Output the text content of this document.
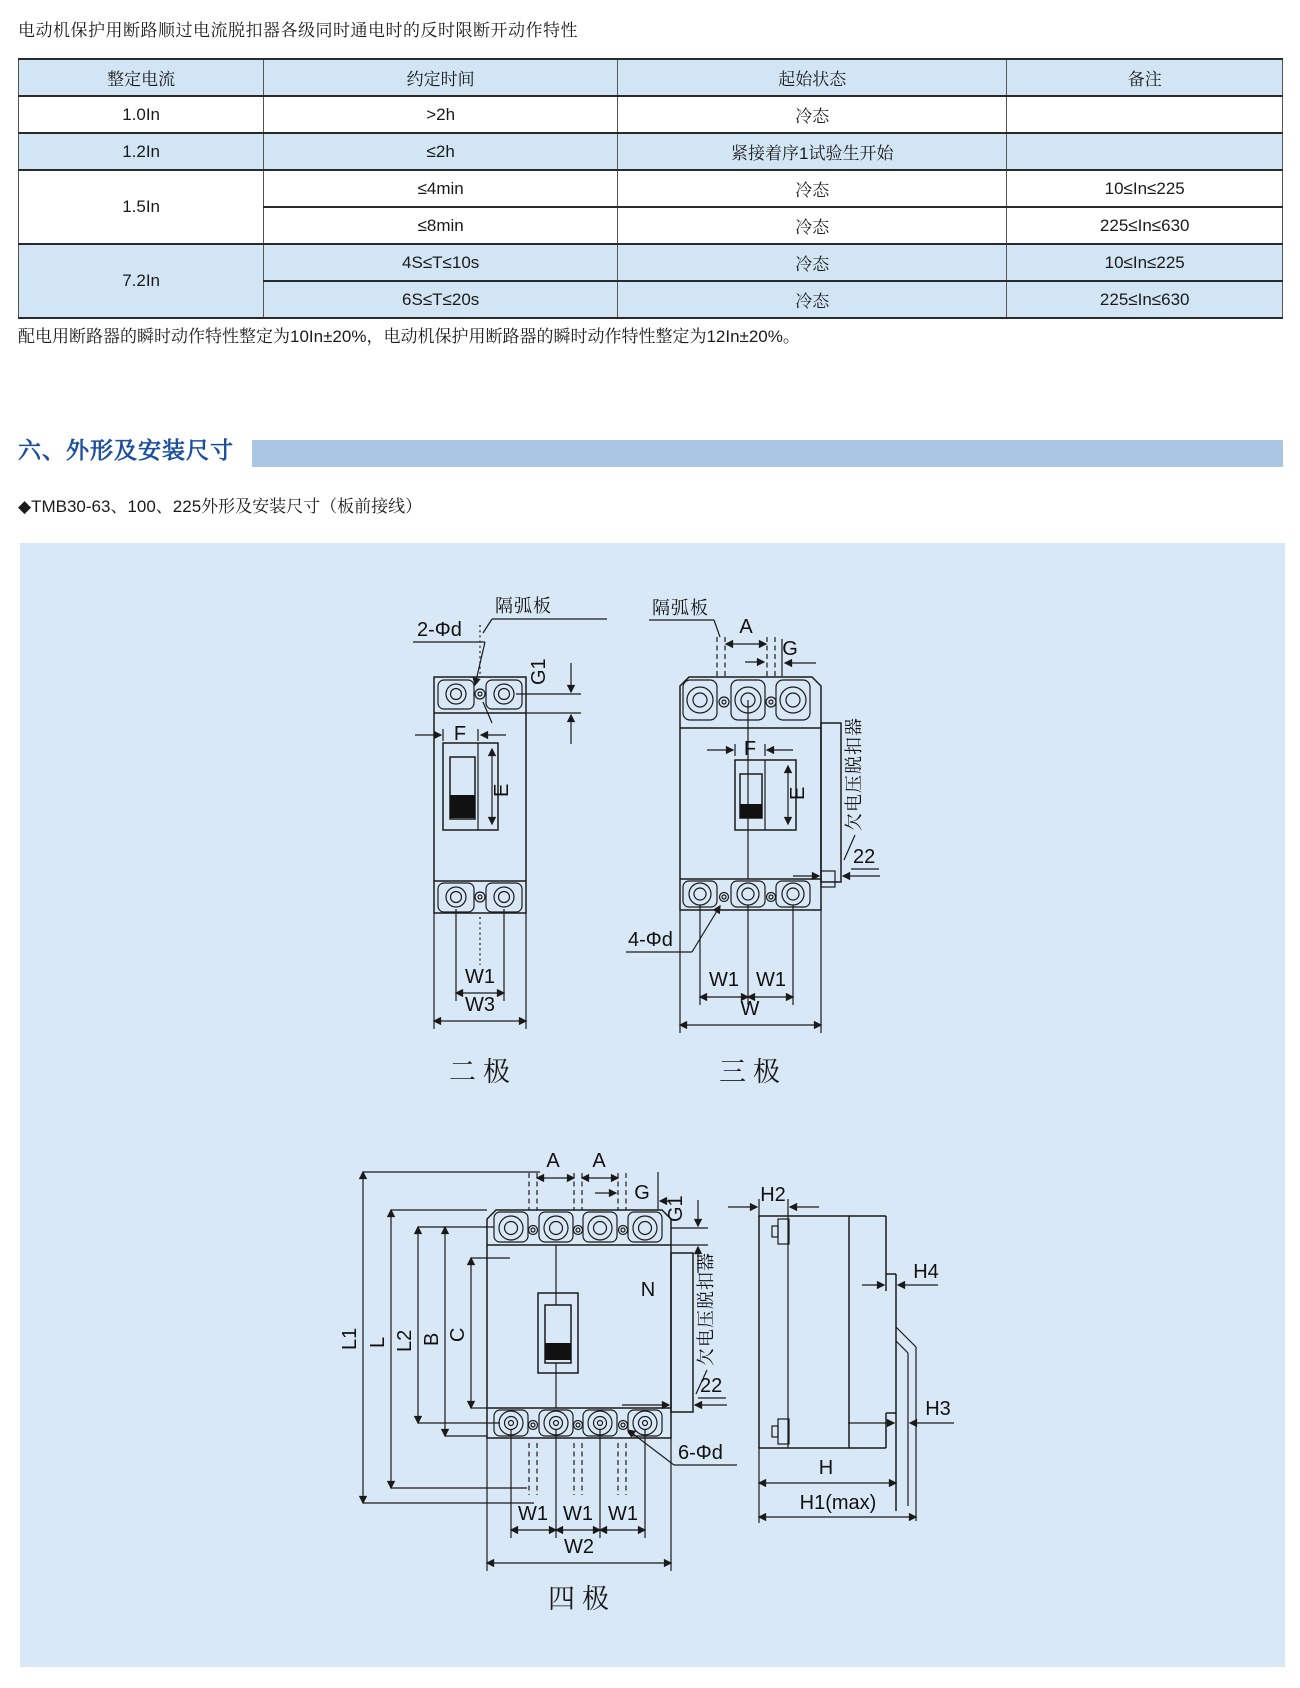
电动机保护用断路顺过电流脱扣器各级同时通电时的反时限断开动作特性
整定电流	约定时间	起始状态	备注
1.0In	>2h	冷态	
1.2In	≤2h	紧接着序1试验生开始	
1.5In	≤4min	冷态	10≤In≤225
	≤8min	冷态	225≤In≤630
7.2In	4S≤T≤10s	冷态	10≤In≤225
	6S≤T≤20s	冷态	225≤In≤630
配电用断路器的瞬时动作特性整定为10In±20%，电动机保护用断路器的瞬时动作特性整定为12In±20%。
六、外形及安装尺寸
◆TMB30-63、100、225外形及安装尺寸（板前接线）
隔弧板
2-Φd
G1
F
E
W1
W3
二极
隔弧板
A
G
F
E 欠电压脱扣器
22
4-Φd
W1 W1
W
三极
A A
G
G1
N 欠电压脱扣器
22
6-Φd
W1 W1 W1
W2
L1 L L2 B C
四极
H2
H4
H3
H
H1(max)
